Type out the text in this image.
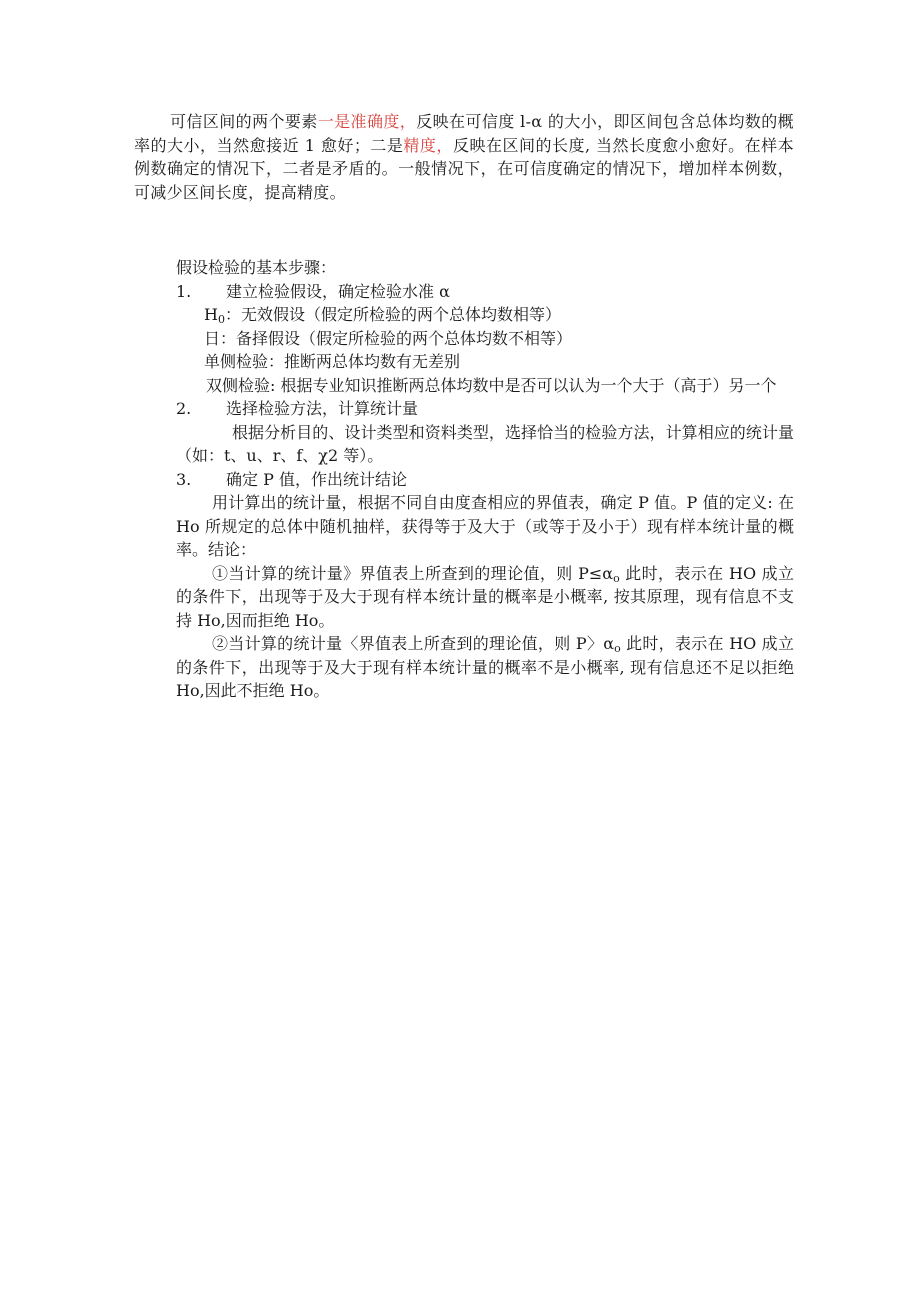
可信区间的两个要素一是准确度，反映在可信度 l-α 的大小，即区间包含总体均数的概率的大小，当然愈接近 1 愈好；二是精度，反映在区间的长度, 当然长度愈小愈好。在样本例数确定的情况下，二者是矛盾的。一般情况下，在可信度确定的情况下，增加样本例数，可减少区间长度，提高精度。

假设检验的基本步骤：

1. 建立检验假设，确定检验水准 α

$H_0$：无效假设（假定所检验的两个总体均数相等）

日：备择假设（假定所检验的两个总体均数不相等）

单侧检验：推断两总体均数有无差别

双侧检验: 根据专业知识推断两总体均数中是否可以认为一个大于（高于）另一个

2. 选择检验方法，计算统计量

根据分析目的、设计类型和资料类型，选择恰当的检验方法，计算相应的统计量（如：t、u、r、f、χ2 等）。

3. 确定 P 值，作出统计结论

用计算出的统计量，根据不同自由度查相应的界值表，确定 P 值。P 值的定义: 在 Ho 所规定的总体中随机抽样，获得等于及大于（或等于及小于）现有样本统计量的概率。结论：

①当计算的统计量》界值表上所查到的理论值，则 $P\le\alpha_o$ 此时，表示在 HO 成立的条件下，出现等于及大于现有样本统计量的概率是小概率, 按其原理，现有信息不支持 Ho,因而拒绝 Ho。

②当计算的统计量〈界值表上所查到的理论值，则 P〉$\alpha_o$ 此时，表示在 HO 成立的条件下，出现等于及大于现有样本统计量的概率不是小概率, 现有信息还不足以拒绝 Ho,因此不拒绝 Ho。
